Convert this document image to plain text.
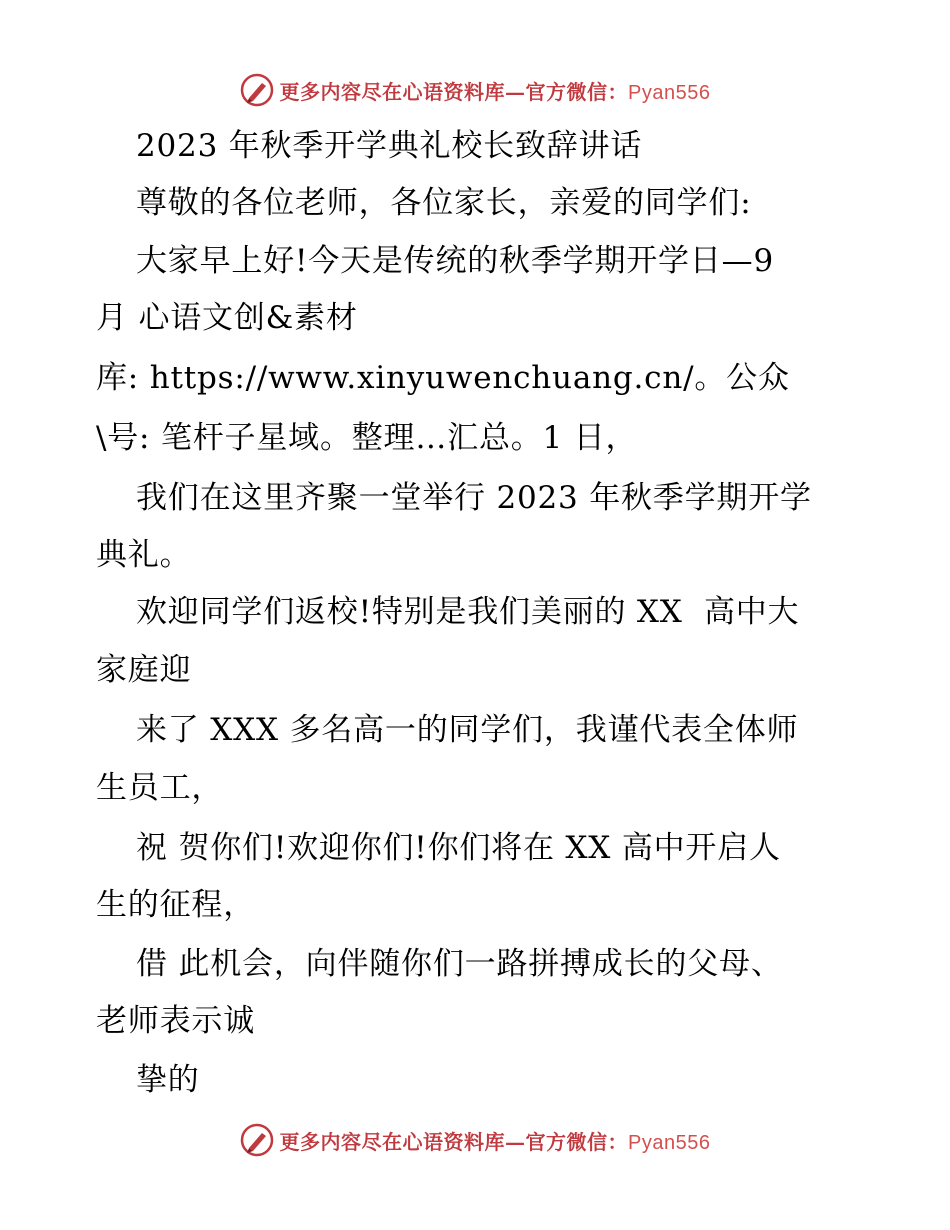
更多内容尽在心语资料库—官方微信：Pyan556
2023 年秋季开学典礼校长致辞讲话
尊敬的各位老师，各位家长，亲爱的同学们:
大家早上好!今天是传统的秋季学期开学日—9
月 心语文创&素材
库: https://www.xinyuwenchuang.cn/。公众
\号: 笔杆子星域。整理…汇总。1 日，
我们在这里齐聚一堂举行 2023 年秋季学期开学
典礼。
欢迎同学们返校!特别是我们美丽的 XX  高中大
家庭迎
来了 XXX 多名高一的同学们，我谨代表全体师
生员工，
祝 贺你们!欢迎你们!你们将在 XX 高中开启人
生的征程，
借 此机会，向伴随你们一路拼搏成长的父母、
老师表示诚
挚的
更多内容尽在心语资料库—官方微信：Pyan556
